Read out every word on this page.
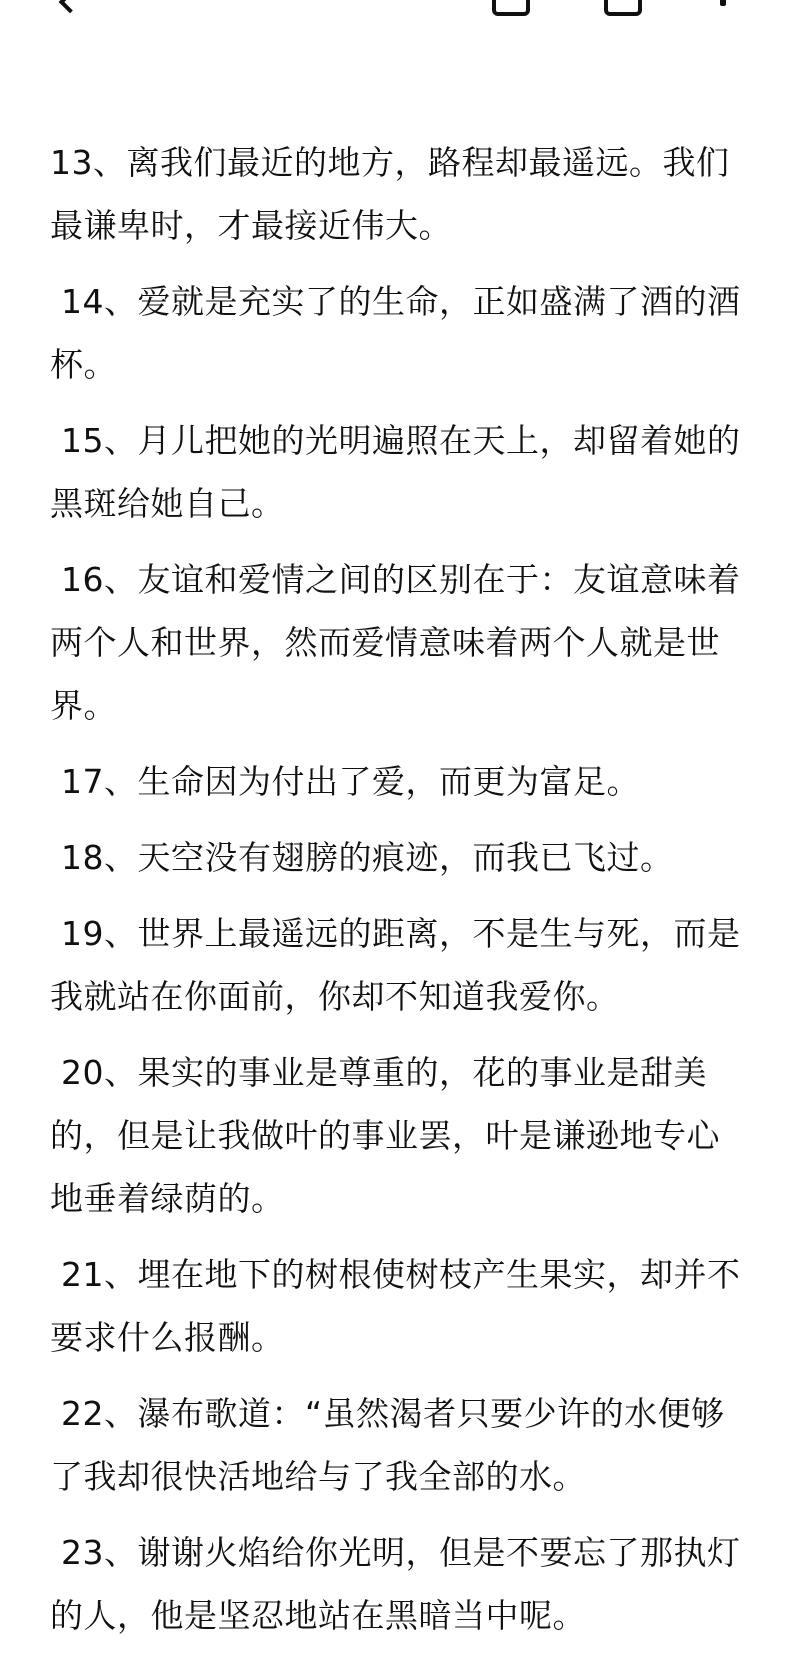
13、离我们最近的地方，路程却最遥远。我们最谦卑时，才最接近伟大。

14、爱就是充实了的生命，正如盛满了酒的酒杯。

15、月儿把她的光明遍照在天上，却留着她的黑斑给她自己。

16、友谊和爱情之间的区别在于：友谊意味着两个人和世界，然而爱情意味着两个人就是世界。

17、生命因为付出了爱，而更为富足。

18、天空没有翅膀的痕迹，而我已飞过。

19、世界上最遥远的距离，不是生与死，而是我就站在你面前，你却不知道我爱你。

20、果实的事业是尊重的，花的事业是甜美的，但是让我做叶的事业罢，叶是谦逊地专心地垂着绿荫的。

21、埋在地下的树根使树枝产生果实，却并不要求什么报酬。

22、瀑布歌道：“虽然渴者只要少许的水便够了我却很快活地给与了我全部的水。

23、谢谢火焰给你光明，但是不要忘了那执灯的人，他是坚忍地站在黑暗当中呢。
